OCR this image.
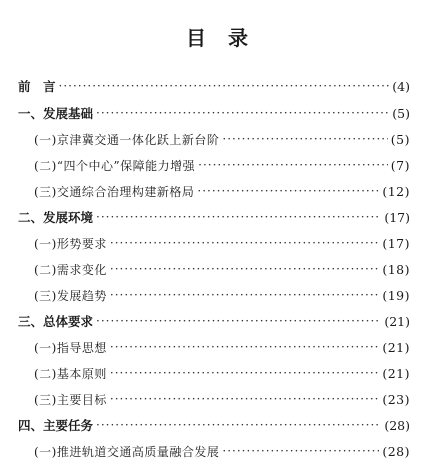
目 录
前　言 ·····	(4)
一、发展基础 ·····	(5)
(一)京津冀交通一体化跃上新台阶 ·····	(5)
(二)“四个中心”保障能力增强 ·····	(7)
(三)交通综合治理构建新格局 ·····	(12)
二、发展环境 ·····	(17)
(一)形势要求 ·····	(17)
(二)需求变化 ·····	(18)
(三)发展趋势 ·····	(19)
三、总体要求 ·····	(21)
(一)指导思想 ·····	(21)
(二)基本原则 ·····	(21)
(三)主要目标 ·····	(23)
四、主要任务 ·····	(28)
(一)推进轨道交通高质量融合发展 ·····	(28)
